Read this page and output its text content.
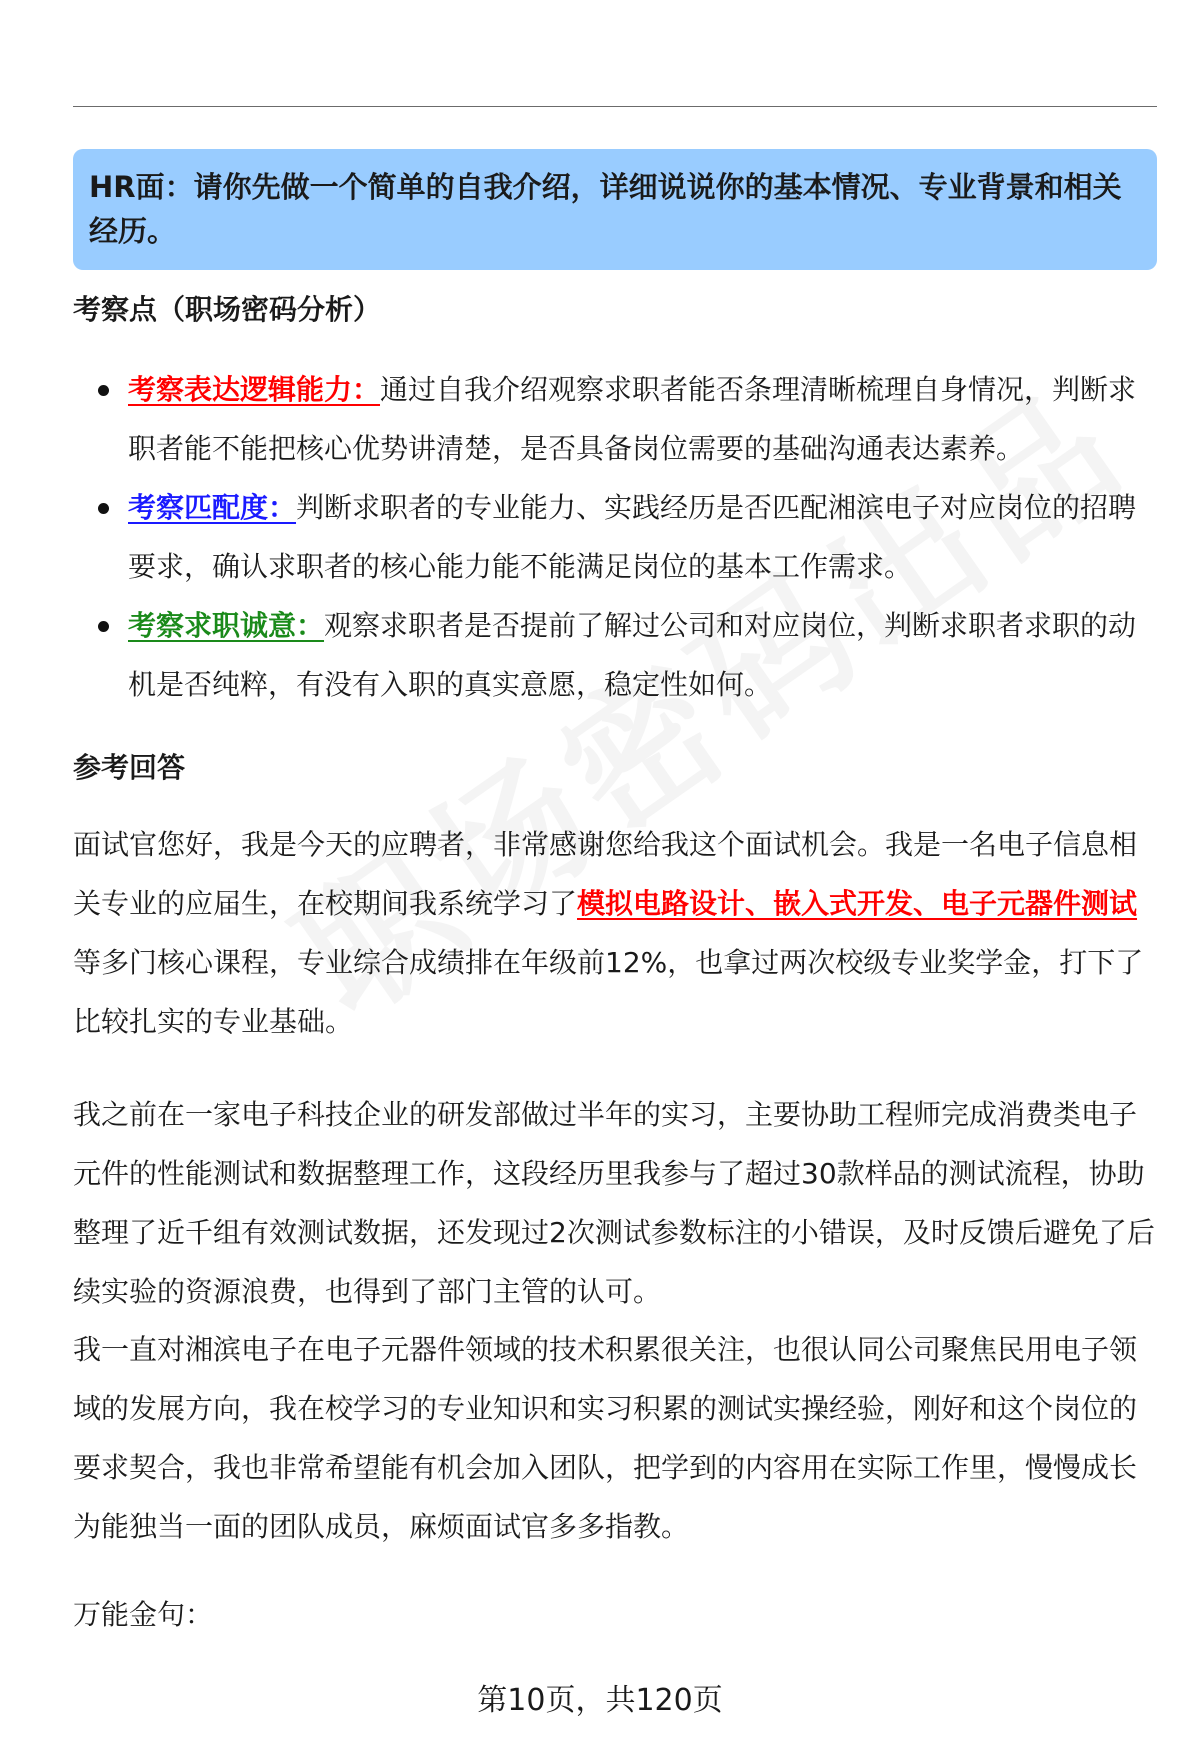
HR面：请你先做一个简单的自我介绍，详细说说你的基本情况、专业背景和相关经历。
考察点（职场密码分析）
考察表达逻辑能力：通过自我介绍观察求职者能否条理清晰梳理自身情况，判断求职者能不能把核心优势讲清楚，是否具备岗位需要的基础沟通表达素养。
考察匹配度：判断求职者的专业能力、实践经历是否匹配湘滨电子对应岗位的招聘要求，确认求职者的核心能力能不能满足岗位的基本工作需求。
考察求职诚意：观察求职者是否提前了解过公司和对应岗位，判断求职者求职的动机是否纯粹，有没有入职的真实意愿，稳定性如何。
参考回答

面试官您好，我是今天的应聘者，非常感谢您给我这个面试机会。我是一名电子信息相关专业的应届生，在校期间我系统学习了模拟电路设计、嵌入式开发、电子元器件测试等多门核心课程，专业综合成绩排在年级前12%，也拿过两次校级专业奖学金，打下了比较扎实的专业基础。

我之前在一家电子科技企业的研发部做过半年的实习，主要协助工程师完成消费类电子元件的性能测试和数据整理工作，这段经历里我参与了超过30款样品的测试流程，协助整理了近千组有效测试数据，还发现过2次测试参数标注的小错误，及时反馈后避免了后续实验的资源浪费，也得到了部门主管的认可。

我一直对湘滨电子在电子元器件领域的技术积累很关注，也很认同公司聚焦民用电子领域的发展方向，我在校学习的专业知识和实习积累的测试实操经验，刚好和这个岗位的要求契合，我也非常希望能有机会加入团队，把学到的内容用在实际工作里，慢慢成长为能独当一面的团队成员，麻烦面试官多多指教。

万能金句：
第10页，共120页
